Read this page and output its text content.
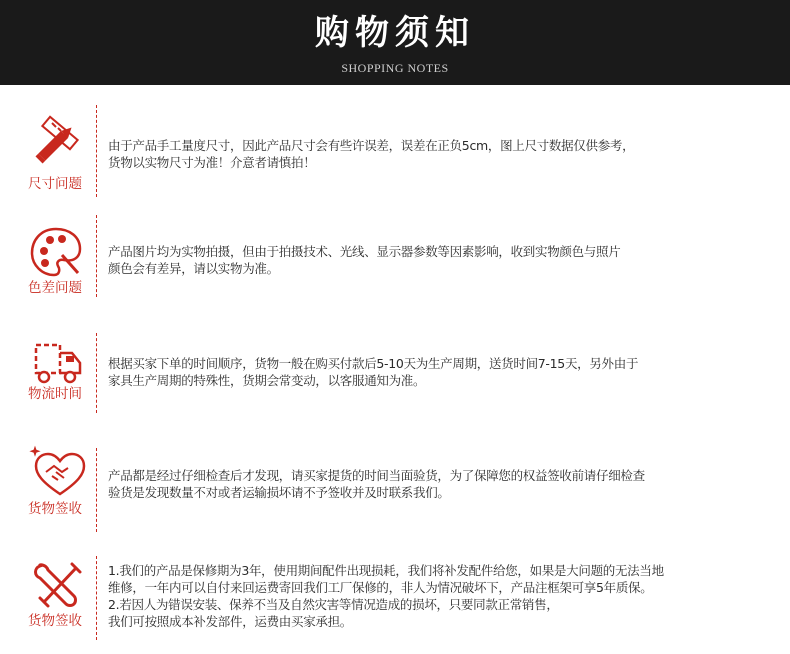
购物须知
SHOPPING NOTES
尺寸问题

由于产品手工量度尺寸，因此产品尺寸会有些许误差，误差在正负5cm，图上尺寸数据仅供参考，

货物以实物尺寸为准！介意者请慎拍！

色差问题

产品图片均为实物拍摄，但由于拍摄技术、光线、显示器参数等因素影响，收到实物颜色与照片

颜色会有差异，请以实物为准。

物流时间

根据买家下单的时间顺序，货物一般在购买付款后5-10天为生产周期，送货时间7-15天，另外由于

家具生产周期的特殊性，货期会常变动，以客服通知为准。

货物签收

产品都是经过仔细检查后才发现，请买家提货的时间当面验货，为了保障您的权益签收前请仔细检查

验货是发现数量不对或者运输损坏请不予签收并及时联系我们。

货物签收

1.我们的产品是保修期为3年，使用期间配件出现损耗，我们将补发配件给您，如果是大问题的无法当地

维修，一年内可以自付来回运费寄回我们工厂保修的，非人为情况破坏下，产品注框架可享5年质保。

2.若因人为错误安装、保养不当及自然灾害等情况造成的损坏，只要同款正常销售，

我们可按照成本补发部件，运费由买家承担。
